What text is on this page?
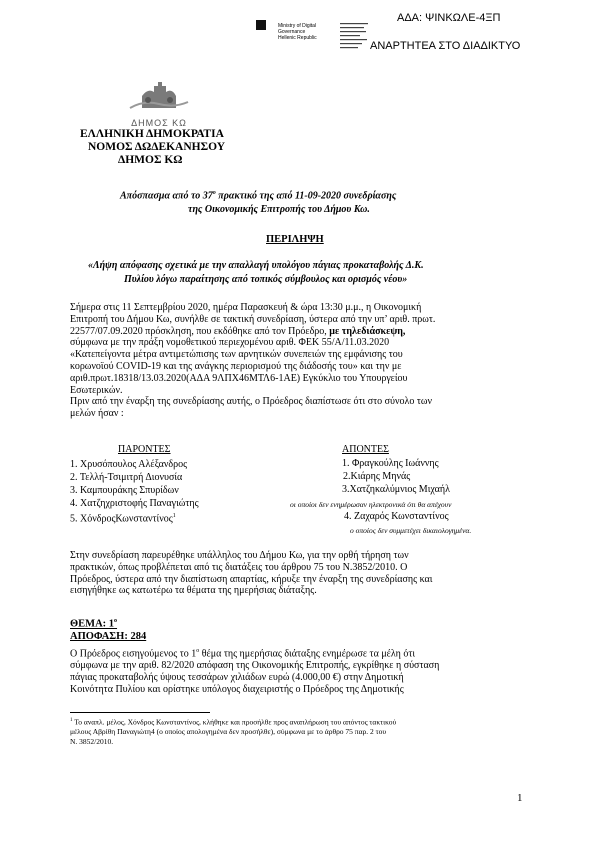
ΑΔΑ: ΨΙΝΚΩΛΕ-4ΞΠ
Ministry of Digital
Governance
Hellenic Republic
ΑΝΑΡΤΗΤΕΑ ΣΤΟ ΔΙΑΔΙΚΤΥΟ
ΔΗΜΟΣ ΚΩ
ΕΛΛΗΝΙΚΗ ΔΗΜΟΚΡΑΤΙΑ
ΝΟΜΟΣ ΔΩΔΕΚΑΝΗΣΟΥ
ΔΗΜΟΣ ΚΩ
Απόσπασμα από το $37^o$ πρακτικό της από 11-09-2020 συνεδρίασης
της Οικονομικής Επιτροπής του Δήμου Κω.
ΠΕΡΙΛΗΨΗ
«Λήψη απόφασης σχετικά με την απαλλαγή υπολόγου πάγιας προκαταβολής Δ.Κ.
Πυλίου λόγω παραίτησης από τοπικός σύμβουλος και ορισμός νέου»
Σήμερα στις 11 Σεπτεμβρίου 2020, ημέρα Παρασκευή & ώρα 13:30 μ.μ., η Οικονομική
Επιτροπή του Δήμου Κω, συνήλθε σε τακτική συνεδρίαση, ύστερα από την υπ’ αριθ. πρωτ.
22577/07.09.2020 πρόσκληση, που εκδόθηκε από τον Πρόεδρο, με τηλεδιάσκεψη,
σύμφωνα με την πράξη νομοθετικού περιεχομένου αριθ. ΦΕΚ 55/Α/11.03.2020
«Κατεπείγοντα μέτρα αντιμετώπισης των αρνητικών συνεπειών της εμφάνισης του
κορωνοϊού COVID-19 και της ανάγκης περιορισμού της διάδοσής του» και την με
αριθ.πρωτ.18318/13.03.2020(ΑΔΑ 9ΛΠΧ46ΜΤΛ6-1ΑΕ) Εγκύκλιο του Υπουργείου
Εσωτερικών.
Πριν από την έναρξη της συνεδρίασης αυτής, ο Πρόεδρος διαπίστωσε ότι στο σύνολο των
μελών ήσαν :
ΠΑΡΟΝΤΕΣ	ΑΠΟΝΤΕΣ
1. Χρυσόπουλος Αλέξανδρος
2. Τελλή-Τσιμιτρή Διονυσία
3. Καμπουράκης Σπυρίδων
4. Χατζηχριστοφής Παναγιώτης
5. ΧόνδροςΚωνσταντίνος$^1$
1. Φραγκούλης Ιωάννης
2.Κιάρης Μηνάς
3.Χατζηκαλύμνιος Μιχαήλ
οι οποίοι δεν ενημέρωσαν ηλεκτρονικά ότι θα απέχουν
4. Ζαχαρός Κωνσταντίνος
ο οποίος δεν συμμετέχει δικαιολογημένα.
Στην συνεδρίαση παρευρέθηκε υπάλληλος του Δήμου Κω, για την ορθή τήρηση των
πρακτικών, όπως προβλέπεται από τις διατάξεις του άρθρου 75 του Ν.3852/2010. Ο
Πρόεδρος, ύστερα από την διαπίστωση απαρτίας, κήρυξε την έναρξη της συνεδρίασης και
εισηγήθηκε ως κατωτέρω τα θέματα της ημερήσιας διάταξης.
ΘΕΜΑ: $1^o$
ΑΠΟΦΑΣΗ: 284
Ο Πρόεδρος εισηγούμενος το $1^o$ θέμα της ημερήσιας διάταξης ενημέρωσε τα μέλη ότι
σύμφωνα με την αριθ. 82/2020 απόφαση της Οικονομικής Επιτροπής, εγκρίθηκε η σύσταση
πάγιας προκαταβολής ύψους τεσσάρων χιλιάδων ευρώ (4.000,00 €) στην Δημοτική
Κοινότητα Πυλίου και ορίστηκε υπόλογος διαχειριστής ο Πρόεδρος της Δημοτικής
$^1$ Το αναπλ. μέλος, Χόνδρος Κωνσταντίνος, κλήθηκε και προσήλθε προς αναπλήρωση του απόντος τακτικού
μέλους Αβρίθη Παναγιώτη4 (ο οποίος απολογημένα δεν προσήλθε), σύμφωνα με το άρθρο 75 παρ. 2 του
Ν. 3852/2010.
1
